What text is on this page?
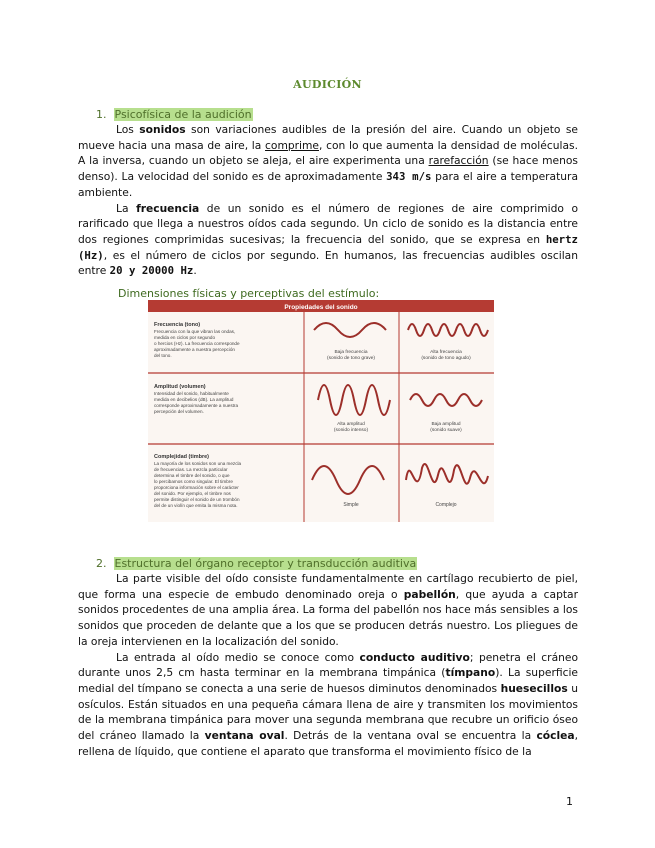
AUDICIÓN
1. Psicofísica de la audición

Los sonidos son variaciones audibles de la presión del aire. Cuando un objeto se mueve hacia una masa de aire, la comprime, con lo que aumenta la densidad de moléculas. A la inversa, cuando un objeto se aleja, el aire experimenta una rarefacción (se hace menos denso). La velocidad del sonido es de aproximadamente 343 m/s para el aire a temperatura ambiente.

La frecuencia de un sonido es el número de regiones de aire comprimido o rarificado que llega a nuestros oídos cada segundo. Un ciclo de sonido es la distancia entre dos regiones comprimidas sucesivas; la frecuencia del sonido, que se expresa en hertz (Hz), es el número de ciclos por segundo. En humanos, las frecuencias audibles oscilan entre 20 y 20000 Hz.

Dimensiones físicas y perceptivas del estímulo:
Propiedades del sonido
Frecuencia (tono)
Frecuencia con la que vibran las ondas,
medida en ciclos por segundo
o hercios (Hz). La frecuencia corresponde
aproximadamente a nuestra percepción
del tono.
Baja frecuencia
(sonido de tono grave)
Alta frecuencia
(sonido de tono agudo)
Amplitud (volumen)
Intensidad del sonido, habitualmente
medida en decibelios (dB). La amplitud
corresponde aproximadamente a nuestra
percepción del volumen.
Alta amplitud
(sonido intenso)
Baja amplitud
(sonido suave)
Complejidad (timbre)
La mayoría de los sonidos son una mezcla
de frecuencias. La mezcla particular
determina el timbre del sonido, o que
lo percibamos como singular. El timbre
proporciona información sobre el carácter
del sonido. Por ejemplo, el timbre nos
permite distinguir el sonido de un trombón
del de un violín que emita la misma nota.	Simple	Complejo
2. Estructura del órgano receptor y transducción auditiva

La parte visible del oído consiste fundamentalmente en cartílago recubierto de piel, que forma una especie de embudo denominado oreja o pabellón, que ayuda a captar sonidos procedentes de una amplia área. La forma del pabellón nos hace más sensibles a los sonidos que proceden de delante que a los que se producen detrás nuestro. Los pliegues de la oreja intervienen en la localización del sonido.

La entrada al oído medio se conoce como conducto auditivo; penetra el cráneo durante unos 2,5 cm hasta terminar en la membrana timpánica (tímpano). La superficie medial del tímpano se conecta a una serie de huesos diminutos denominados huesecillos u osículos. Están situados en una pequeña cámara llena de aire y transmiten los movimientos de la membrana timpánica para mover una segunda membrana que recubre un orificio óseo del cráneo llamado la ventana oval. Detrás de la ventana oval se encuentra la cóclea, rellena de líquido, que contiene el aparato que transforma el movimiento físico de la

1
